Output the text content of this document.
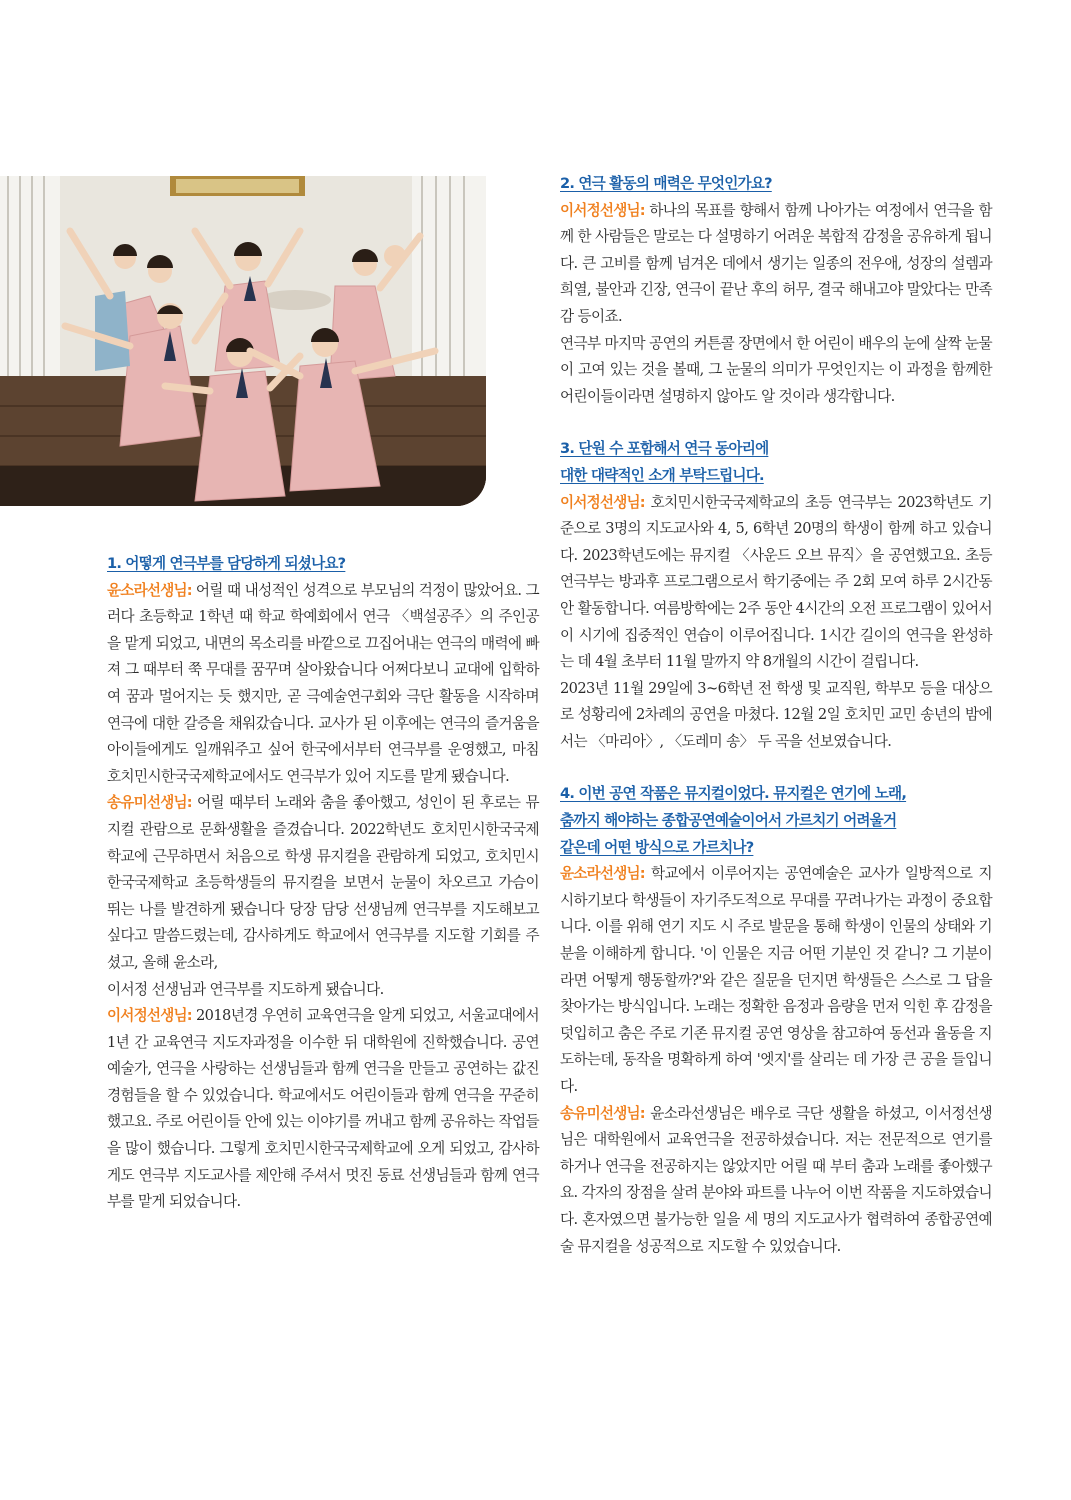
1. 어떻게 연극부를 담당하게 되셨나요?

윤소라선생님: 어릴 때 내성적인 성격으로 부모님의 걱정이 많았어요. 그러다 초등학교 1학년 때 학교 학예회에서 연극 〈백설공주〉의 주인공을 맡게 되었고, 내면의 목소리를 바깥으로 끄집어내는 연극의 매력에 빠져 그 때부터 쭉 무대를 꿈꾸며 살아왔습니다 어쩌다보니 교대에 입학하여 꿈과 멀어지는 듯 했지만, 곧 극예술연구회와 극단 활동을 시작하며 연극에 대한 갈증을 채워갔습니다. 교사가 된 이후에는 연극의 즐거움을 아이들에게도 일깨워주고 싶어 한국에서부터 연극부를 운영했고, 마침 호치민시한국국제학교에서도 연극부가 있어 지도를 맡게 됐습니다.

송유미선생님: 어릴 때부터 노래와 춤을 좋아했고, 성인이 된 후로는 뮤지컬 관람으로 문화생활을 즐겼습니다. 2022학년도 호치민시한국국제학교에 근무하면서 처음으로 학생 뮤지컬을 관람하게 되었고, 호치민시한국국제학교 초등학생들의 뮤지컬을 보면서 눈물이 차오르고 가슴이 뛰는 나를 발견하게 됐습니다 당장 담당 선생님께 연극부를 지도해보고 싶다고 말씀드렸는데, 감사하게도 학교에서 연극부를 지도할 기회를 주셨고, 올해 윤소라,

이서정 선생님과 연극부를 지도하게 됐습니다.

이서정선생님: 2018년경 우연히 교육연극을 알게 되었고, 서울교대에서 1년 간 교육연극 지도자과정을 이수한 뒤 대학원에 진학했습니다. 공연 예술가, 연극을 사랑하는 선생님들과 함께 연극을 만들고 공연하는 값진 경험들을 할 수 있었습니다. 학교에서도 어린이들과 함께 연극을 꾸준히 했고요. 주로 어린이들 안에 있는 이야기를 꺼내고 함께 공유하는 작업들을 많이 했습니다. 그렇게 호치민시한국국제학교에 오게 되었고, 감사하게도 연극부 지도교사를 제안해 주셔서 멋진 동료 선생님들과 함께 연극부를 맡게 되었습니다.

2. 연극 활동의 매력은 무엇인가요?

이서정선생님: 하나의 목표를 향해서 함께 나아가는 여정에서 연극을 함께 한 사람들은 말로는 다 설명하기 어려운 복합적 감정을 공유하게 됩니다. 큰 고비를 함께 넘겨온 데에서 생기는 일종의 전우애, 성장의 설렘과 희열, 불안과 긴장, 연극이 끝난 후의 허무, 결국 해내고야 말았다는 만족감 등이죠.

연극부 마지막 공연의 커튼콜 장면에서 한 어린이 배우의 눈에 살짝 눈물이 고여 있는 것을 볼때, 그 눈물의 의미가 무엇인지는 이 과정을 함께한 어린이들이라면 설명하지 않아도 알 것이라 생각합니다.

3. 단원 수 포함해서 연극 동아리에

대한 대략적인 소개 부탁드립니다.

이서정선생님: 호치민시한국국제학교의 초등 연극부는 2023학년도 기준으로 3명의 지도교사와 4, 5, 6학년 20명의 학생이 함께 하고 있습니다. 2023학년도에는 뮤지컬 〈사운드 오브 뮤직〉을 공연했고요. 초등 연극부는 방과후 프로그램으로서 학기중에는 주 2회 모여 하루 2시간동안 활동합니다. 여름방학에는 2주 동안 4시간의 오전 프로그램이 있어서 이 시기에 집중적인 연습이 이루어집니다. 1시간 길이의 연극을 완성하는 데 4월 초부터 11월 말까지 약 8개월의 시간이 걸립니다.

2023년 11월 29일에 3~6학년 전 학생 및 교직원, 학부모 등을 대상으로 성황리에 2차례의 공연을 마쳤다. 12월 2일 호치민 교민 송년의 밤에서는 〈마리아〉, 〈도레미 송〉 두 곡을 선보였습니다.

4. 이번 공연 작품은 뮤지컬이었다. 뮤지컬은 연기에 노래,

춤까지 해야하는 종합공연예술이어서 가르치기 어려울거

같은데 어떤 방식으로 가르치나?

윤소라선생님: 학교에서 이루어지는 공연예술은 교사가 일방적으로 지시하기보다 학생들이 자기주도적으로 무대를 꾸려나가는 과정이 중요합니다. 이를 위해 연기 지도 시 주로 발문을 통해 학생이 인물의 상태와 기분을 이해하게 합니다. '이 인물은 지금 어떤 기분인 것 같니? 그 기분이라면 어떻게 행동할까?'와 같은 질문을 던지면 학생들은 스스로 그 답을 찾아가는 방식입니다. 노래는 정확한 음정과 음량을 먼저 익힌 후 감정을 덧입히고 춤은 주로 기존 뮤지컬 공연 영상을 참고하여 동선과 율동을 지도하는데, 동작을 명확하게 하여 '엣지'를 살리는 데 가장 큰 공을 들입니다.

송유미선생님: 윤소라선생님은 배우로 극단 생활을 하셨고, 이서정선생님은 대학원에서 교육연극을 전공하셨습니다. 저는 전문적으로 연기를 하거나 연극을 전공하지는 않았지만 어릴 때 부터 춤과 노래를 좋아했구요. 각자의 장점을 살려 분야와 파트를 나누어 이번 작품을 지도하였습니다. 혼자였으면 불가능한 일을 세 명의 지도교사가 협력하여 종합공연예술 뮤지컬을 성공적으로 지도할 수 있었습니다.
